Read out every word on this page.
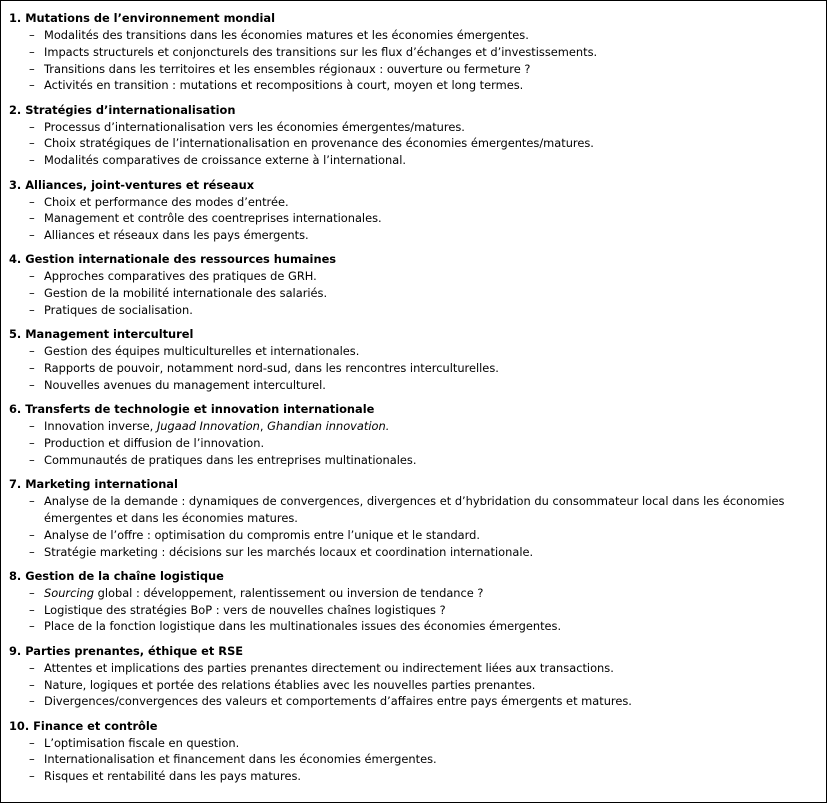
1. Mutations de l’environnement mondial
– Modalités des transitions dans les économies matures et les économies émergentes.
– Impacts structurels et conjoncturels des transitions sur les flux d’échanges et d’investissements.
– Transitions dans les territoires et les ensembles régionaux : ouverture ou fermeture ?
– Activités en transition : mutations et recompositions à court, moyen et long termes.
2. Stratégies d’internationalisation
– Processus d’internationalisation vers les économies émergentes/matures.
– Choix stratégiques de l’internationalisation en provenance des économies émergentes/matures.
– Modalités comparatives de croissance externe à l’international.
3. Alliances, joint-ventures et réseaux
– Choix et performance des modes d’entrée.
– Management et contrôle des coentreprises internationales.
– Alliances et réseaux dans les pays émergents.
4. Gestion internationale des ressources humaines
– Approches comparatives des pratiques de GRH.
– Gestion de la mobilité internationale des salariés.
– Pratiques de socialisation.
5. Management interculturel
– Gestion des équipes multiculturelles et internationales.
– Rapports de pouvoir, notamment nord-sud, dans les rencontres interculturelles.
– Nouvelles avenues du management interculturel.
6. Transferts de technologie et innovation internationale
– Innovation inverse, Jugaad Innovation, Ghandian innovation.
– Production et diffusion de l’innovation.
– Communautés de pratiques dans les entreprises multinationales.
7. Marketing international
– Analyse de la demande : dynamiques de convergences, divergences et d’hybridation du consommateur local dans les économies émergentes et dans les économies matures.
– Analyse de l’offre : optimisation du compromis entre l’unique et le standard.
– Stratégie marketing : décisions sur les marchés locaux et coordination internationale.
8. Gestion de la chaîne logistique
– Sourcing global : développement, ralentissement ou inversion de tendance ?
– Logistique des stratégies BoP : vers de nouvelles chaînes logistiques ?
– Place de la fonction logistique dans les multinationales issues des économies émergentes.
9. Parties prenantes, éthique et RSE
– Attentes et implications des parties prenantes directement ou indirectement liées aux transactions.
– Nature, logiques et portée des relations établies avec les nouvelles parties prenantes.
– Divergences/convergences des valeurs et comportements d’affaires entre pays émergents et matures.
10. Finance et contrôle
– L’optimisation fiscale en question.
– Internationalisation et financement dans les économies émergentes.
– Risques et rentabilité dans les pays matures.
